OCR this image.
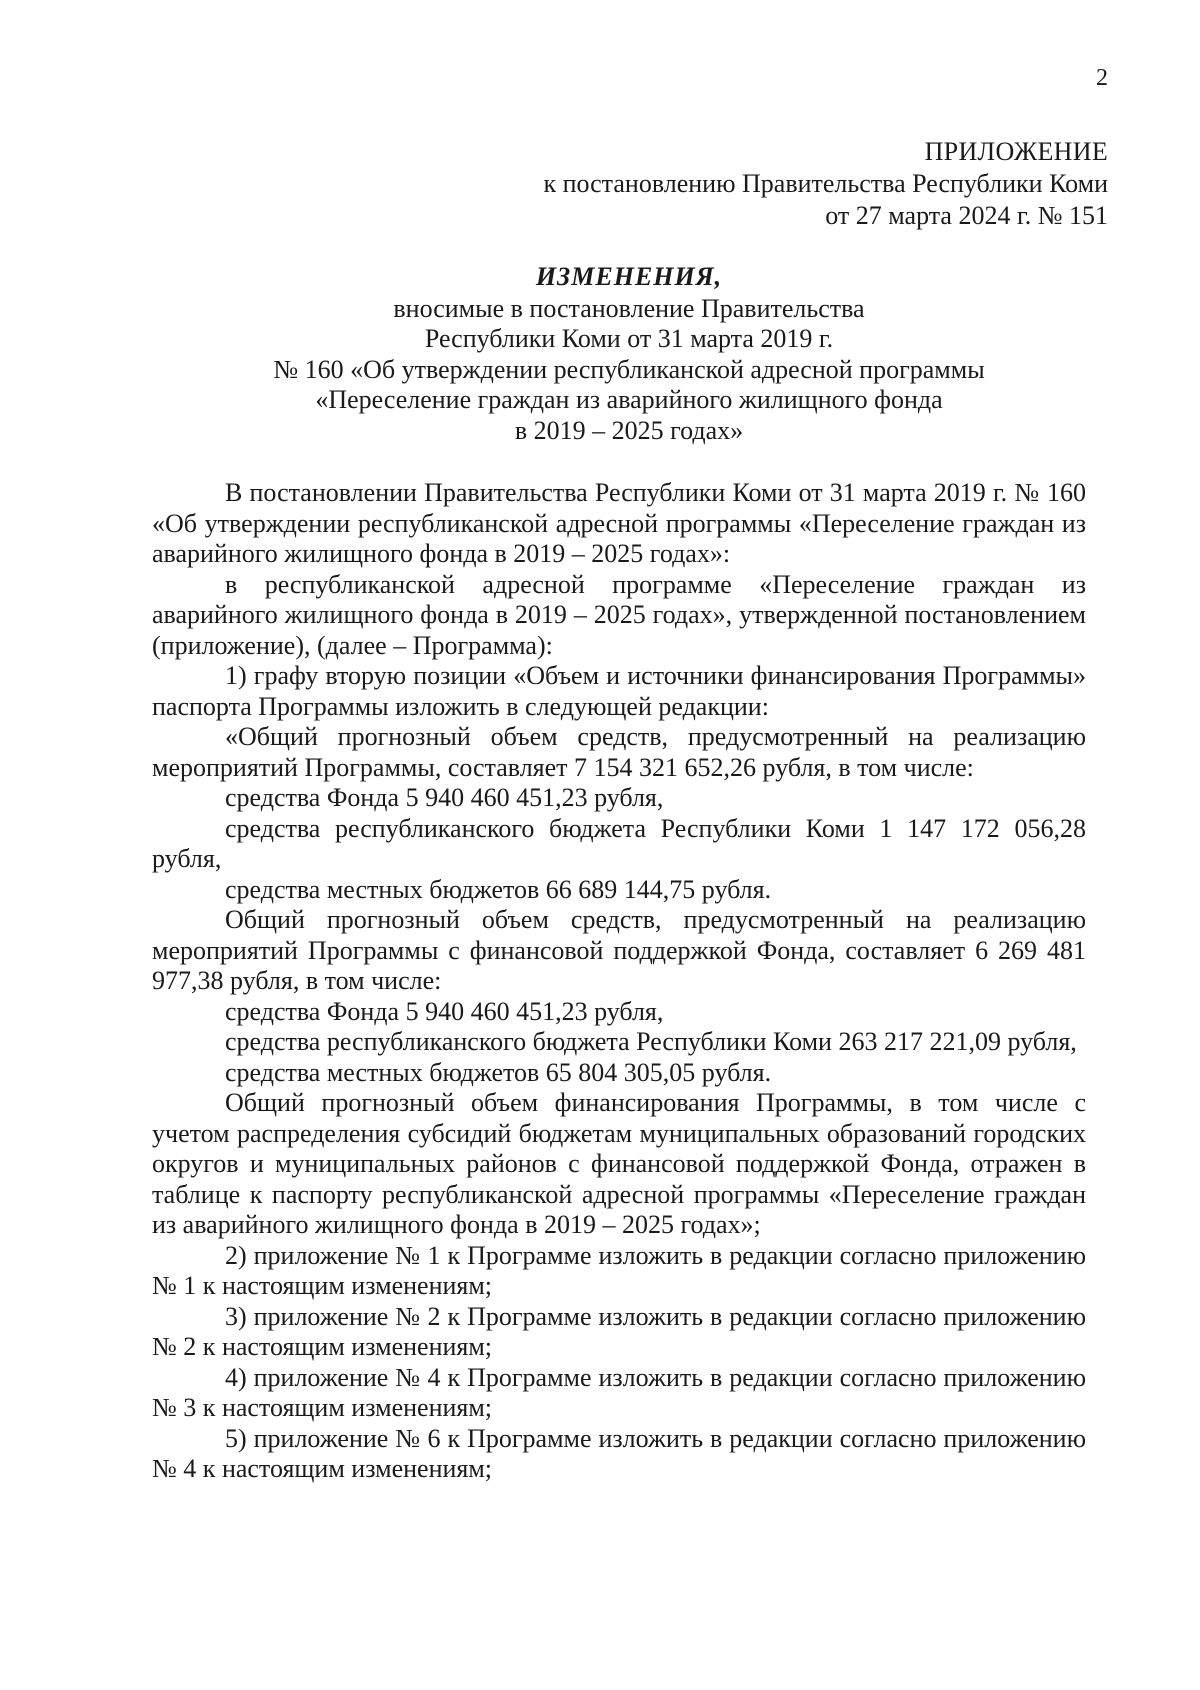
2
ПРИЛОЖЕНИЕ
к постановлению Правительства Республики Коми
от 27 марта 2024 г. № 151
ИЗМЕНЕНИЯ,
вносимые в постановление Правительства
Республики Коми от 31 марта 2019 г.
№ 160 «Об утверждении республиканской адресной программы
«Переселение граждан из аварийного жилищного фонда
в 2019 – 2025 годах»

В постановлении Правительства Республики Коми от 31 марта 2019 г. № 160 «Об утверждении республиканской адресной программы «Переселение граждан из аварийного жилищного фонда в 2019 – 2025 годах»:

в республиканской адресной программе «Переселение граждан из аварийного жилищного фонда в 2019 – 2025 годах», утвержденной постановлением (приложение), (далее – Программа):

1) графу вторую позиции «Объем и источники финансирования Программы» паспорта Программы изложить в следующей редакции:

«Общий прогнозный объем средств, предусмотренный на реализацию мероприятий Программы, составляет 7 154 321 652,26 рубля, в том числе:

средства Фонда 5 940 460 451,23 рубля,

средства республиканского бюджета Республики Коми 1 147 172 056,28 рубля,

средства местных бюджетов 66 689 144,75 рубля.

Общий прогнозный объем средств, предусмотренный на реализацию мероприятий Программы с финансовой поддержкой Фонда, составляет 6 269 481 977,38 рубля, в том числе:

средства Фонда 5 940 460 451,23 рубля,

средства республиканского бюджета Республики Коми 263 217 221,09 рубля,

средства местных бюджетов 65 804 305,05 рубля.

Общий прогнозный объем финансирования Программы, в том числе с учетом распределения субсидий бюджетам муниципальных образований городских округов и муниципальных районов с финансовой поддержкой Фонда, отражен в таблице к паспорту республиканской адресной программы «Переселение граждан из аварийного жилищного фонда в 2019 – 2025 годах»;

2) приложение № 1 к Программе изложить в редакции согласно приложению № 1 к настоящим изменениям;

3) приложение № 2 к Программе изложить в редакции согласно приложению № 2 к настоящим изменениям;

4) приложение № 4 к Программе изложить в редакции согласно приложению № 3 к настоящим изменениям;

5) приложение № 6 к Программе изложить в редакции согласно приложению № 4 к настоящим изменениям;
